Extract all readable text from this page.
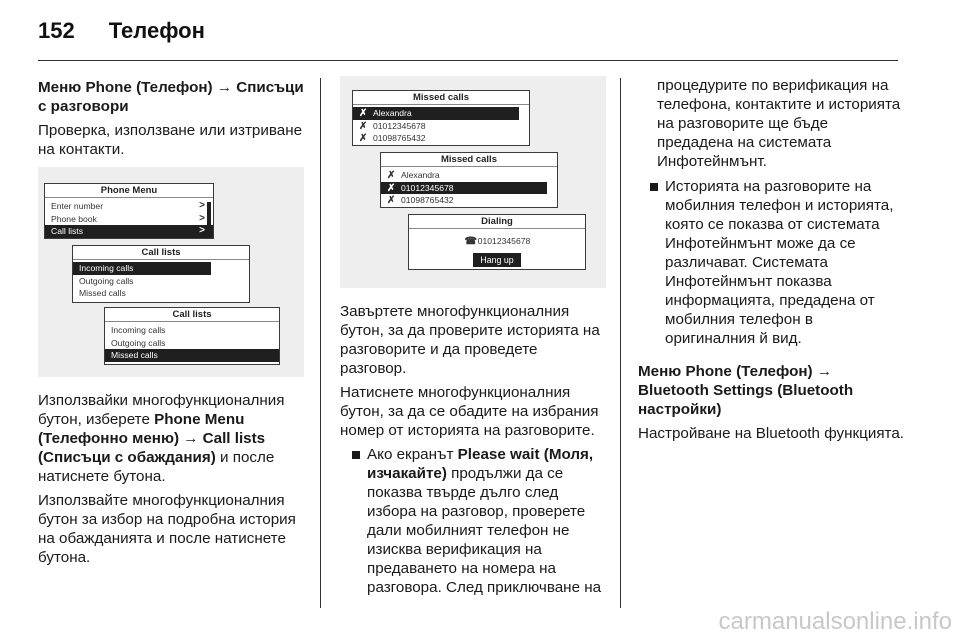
152 Телефон

Меню Phone (Телефон) → Списъци с разговори

Проверка, използване или изтриване на контакти.

Phone Menu
Enter number	>
Phone book	>
Call lists	>
Call lists
Incoming calls
Outgoing calls
Missed calls
Call lists
Incoming calls
Outgoing calls
Missed calls

Използвайки многофункционалния бутон, изберете Phone Menu (Телефонно меню) → Call lists (Списъци с обаждания) и после натиснете бутона.

Използвайте многофункционалния бутон за избор на подробна история на обажданията и после натиснете бутона.

Missed calls
✗ Alexandra
✗ 01012345678
✗ 01098765432
Missed calls
✗ Alexandra
✗ 01012345678
✗ 01098765432
Dialing
☎01012345678
Hang up

Завъртете многофункционалния бутон, за да проверите историята на разговорите и да проведете разговор.

Натиснете многофункционалния бутон, за да се обадите на избрания номер от историята на разговорите.

Ако екранът Please wait (Моля, изчакайте) продължи да се показва твърде дълго след избора на разговор, проверете дали мобилният телефон не изисква верификация на предаването на номера на разговора. След приключване на

процедурите по верификация на телефона, контактите и историята на разговорите ще бъде предадена на системата Инфотейнмънт.

Историята на разговорите на мобилния телефон и историята, която се показва от системата Инфотейнмънт може да се различават. Системата Инфотейнмънт показва информацията, предадена от мобилния телефон в оригиналния й вид.

Меню Phone (Телефон) → Bluetooth Settings (Bluetooth настройки)

Настройване на Bluetooth функцията.

carmanualsonline.info
